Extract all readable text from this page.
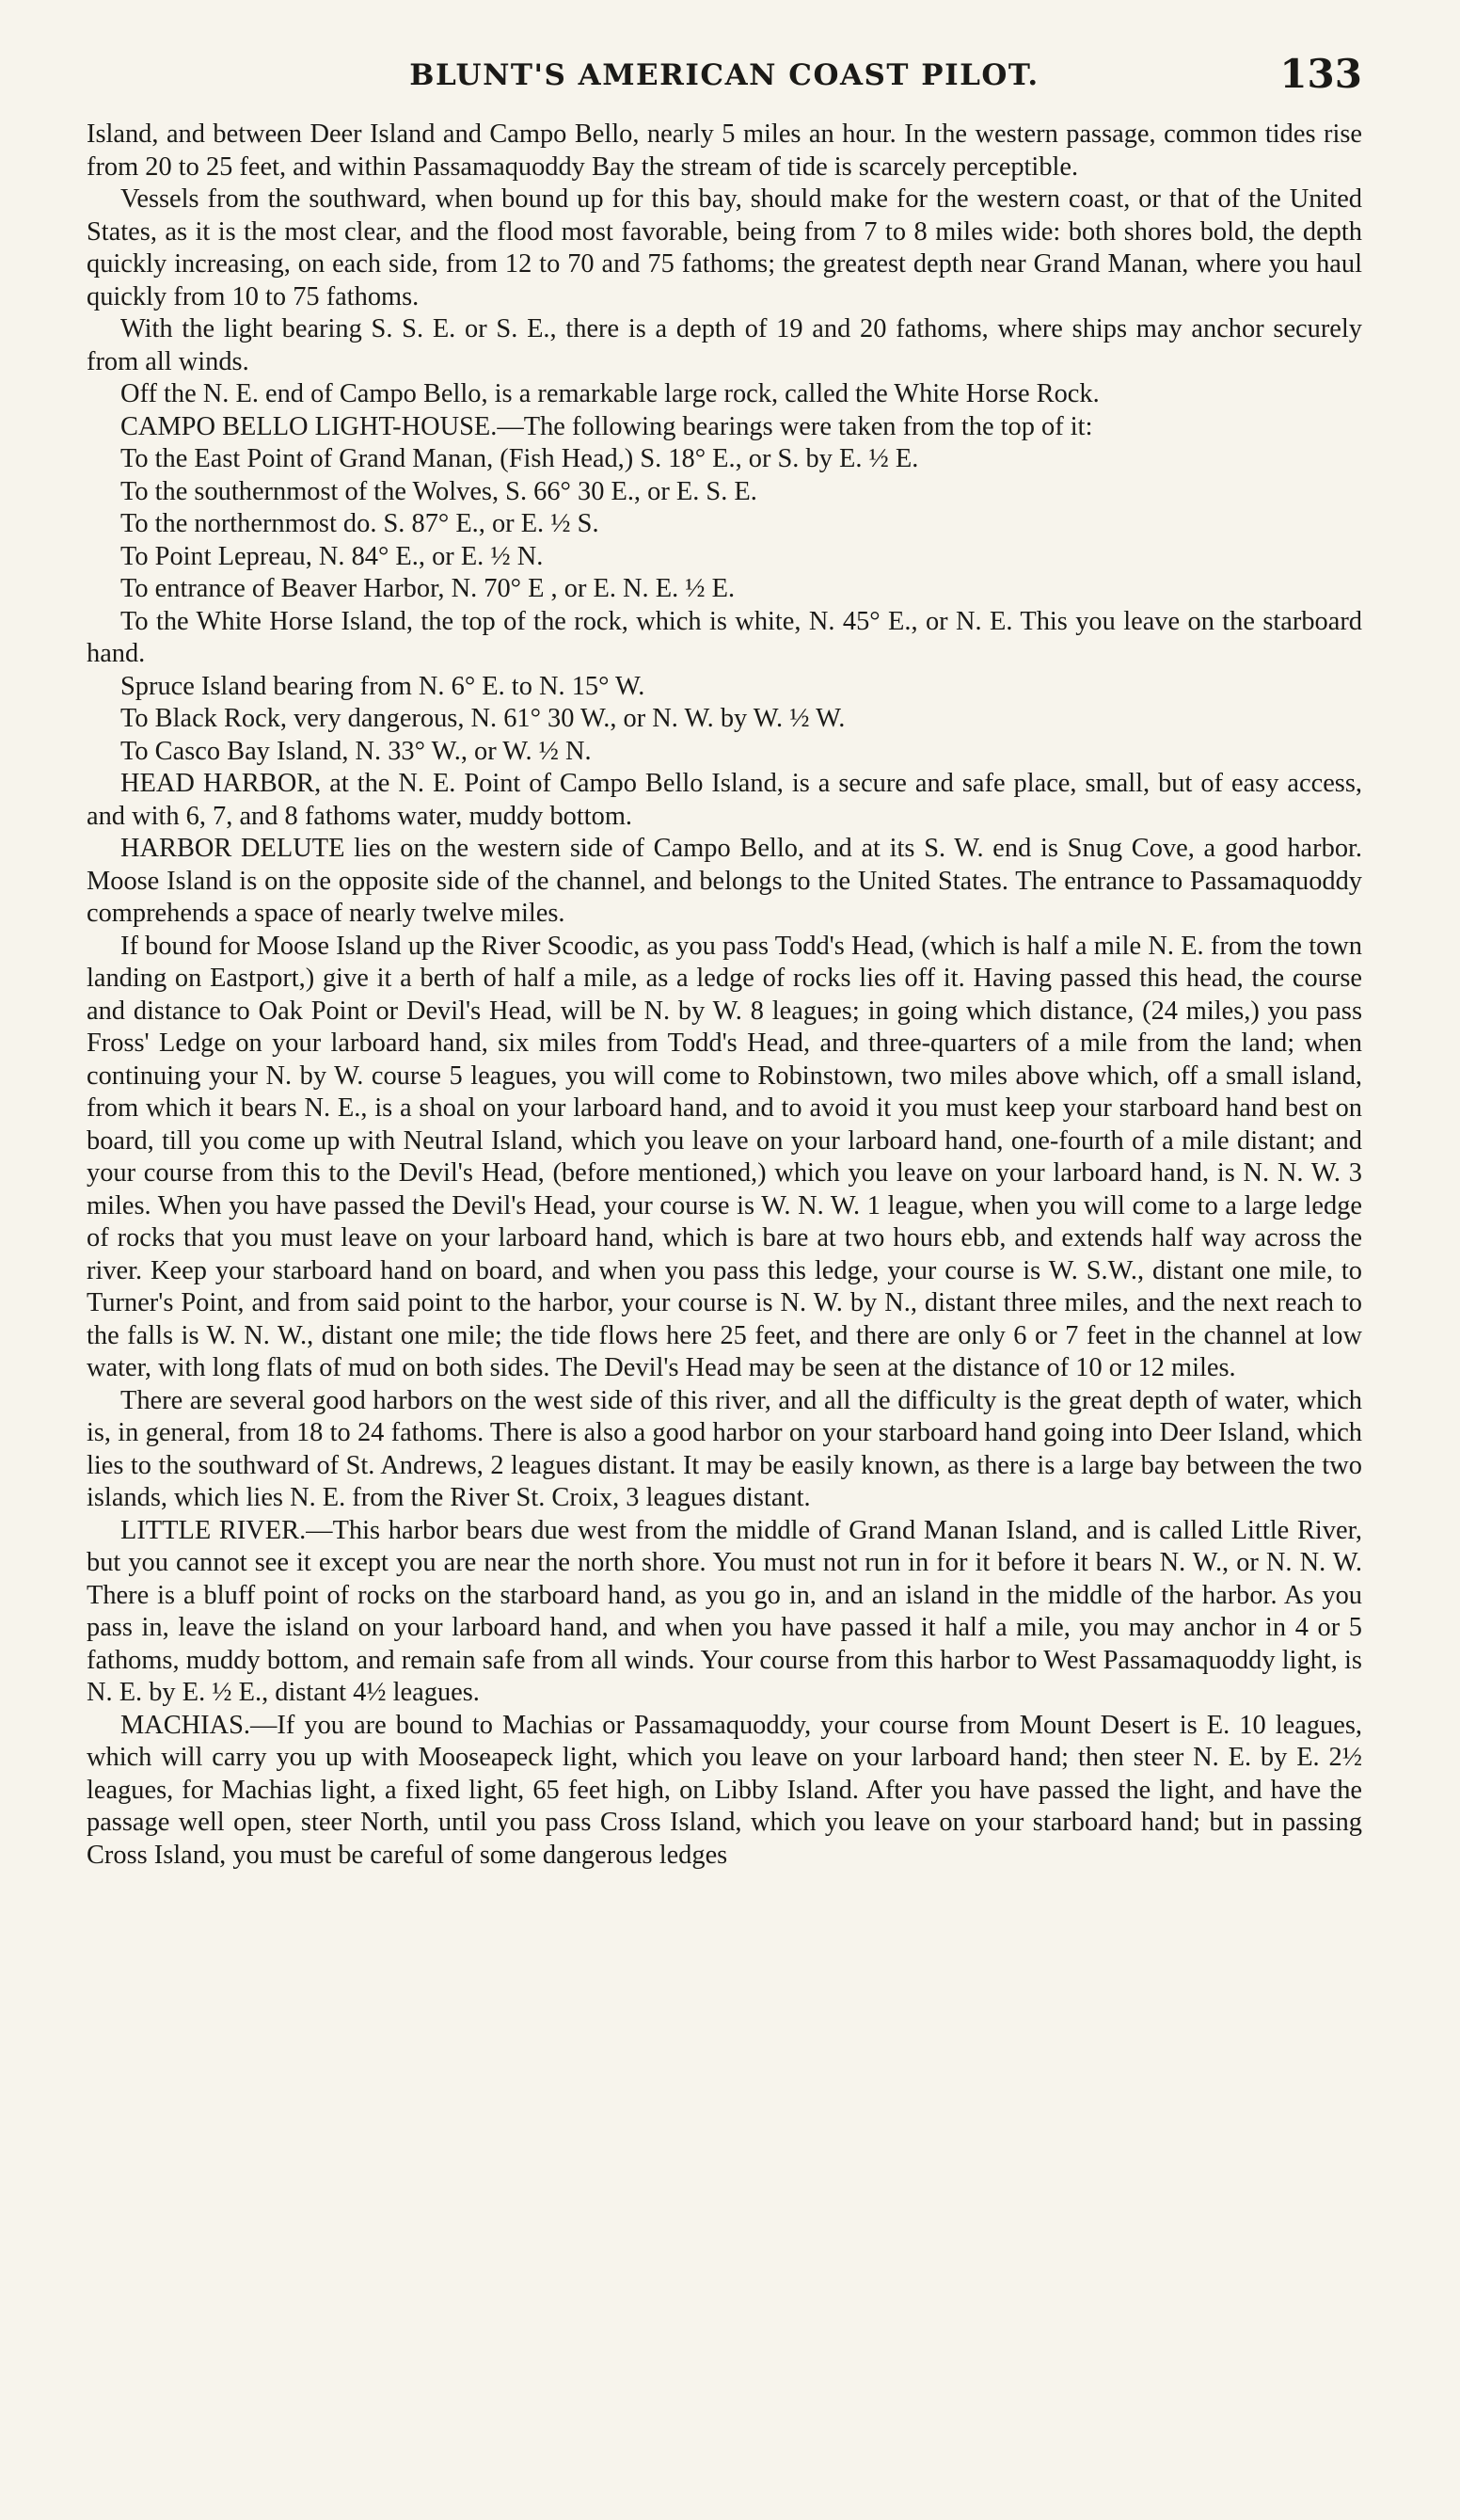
BLUNT'S AMERICAN COAST PILOT.	133

Island, and between Deer Island and Campo Bello, nearly 5 miles an hour. In the western passage, common tides rise from 20 to 25 feet, and within Passamaquoddy Bay the stream of tide is scarcely perceptible.

Vessels from the southward, when bound up for this bay, should make for the western coast, or that of the United States, as it is the most clear, and the flood most favorable, being from 7 to 8 miles wide: both shores bold, the depth quickly increasing, on each side, from 12 to 70 and 75 fathoms; the greatest depth near Grand Manan, where you haul quickly from 10 to 75 fathoms.

With the light bearing S. S. E. or S. E., there is a depth of 19 and 20 fathoms, where ships may anchor securely from all winds.

Off the N. E. end of Campo Bello, is a remarkable large rock, called the White Horse Rock.

CAMPO BELLO LIGHT-HOUSE.—The following bearings were taken from the top of it:

To the East Point of Grand Manan, (Fish Head,) S. 18° E., or S. by E. ½ E.

To the southernmost of the Wolves, S. 66° 30 E., or E. S. E.

To the northernmost do. S. 87° E., or E. ½ S.

To Point Lepreau, N. 84° E., or E. ½ N.

To entrance of Beaver Harbor, N. 70° E , or E. N. E. ½ E.

To the White Horse Island, the top of the rock, which is white, N. 45° E., or N. E. This you leave on the starboard hand.

Spruce Island bearing from N. 6° E. to N. 15° W.

To Black Rock, very dangerous, N. 61° 30 W., or N. W. by W. ½ W.

To Casco Bay Island, N. 33° W., or W. ½ N.

HEAD HARBOR, at the N. E. Point of Campo Bello Island, is a secure and safe place, small, but of easy access, and with 6, 7, and 8 fathoms water, muddy bottom.

HARBOR DELUTE lies on the western side of Campo Bello, and at its S. W. end is Snug Cove, a good harbor. Moose Island is on the opposite side of the channel, and belongs to the United States. The entrance to Passamaquoddy comprehends a space of nearly twelve miles.

If bound for Moose Island up the River Scoodic, as you pass Todd's Head, (which is half a mile N. E. from the town landing on Eastport,) give it a berth of half a mile, as a ledge of rocks lies off it. Having passed this head, the course and distance to Oak Point or Devil's Head, will be N. by W. 8 leagues; in going which distance, (24 miles,) you pass Fross' Ledge on your larboard hand, six miles from Todd's Head, and three-quarters of a mile from the land; when continuing your N. by W. course 5 leagues, you will come to Robinstown, two miles above which, off a small island, from which it bears N. E., is a shoal on your larboard hand, and to avoid it you must keep your starboard hand best on board, till you come up with Neutral Island, which you leave on your larboard hand, one-fourth of a mile distant; and your course from this to the Devil's Head, (before mentioned,) which you leave on your larboard hand, is N. N. W. 3 miles. When you have passed the Devil's Head, your course is W. N. W. 1 league, when you will come to a large ledge of rocks that you must leave on your larboard hand, which is bare at two hours ebb, and extends half way across the river. Keep your starboard hand on board, and when you pass this ledge, your course is W. S.W., distant one mile, to Turner's Point, and from said point to the harbor, your course is N. W. by N., distant three miles, and the next reach to the falls is W. N. W., distant one mile; the tide flows here 25 feet, and there are only 6 or 7 feet in the channel at low water, with long flats of mud on both sides. The Devil's Head may be seen at the distance of 10 or 12 miles.

There are several good harbors on the west side of this river, and all the difficulty is the great depth of water, which is, in general, from 18 to 24 fathoms. There is also a good harbor on your starboard hand going into Deer Island, which lies to the southward of St. Andrews, 2 leagues distant. It may be easily known, as there is a large bay between the two islands, which lies N. E. from the River St. Croix, 3 leagues distant.

LITTLE RIVER.—This harbor bears due west from the middle of Grand Manan Island, and is called Little River, but you cannot see it except you are near the north shore. You must not run in for it before it bears N. W., or N. N. W. There is a bluff point of rocks on the starboard hand, as you go in, and an island in the middle of the harbor. As you pass in, leave the island on your larboard hand, and when you have passed it half a mile, you may anchor in 4 or 5 fathoms, muddy bottom, and remain safe from all winds. Your course from this harbor to West Passamaquoddy light, is N. E. by E. ½ E., distant 4½ leagues.

MACHIAS.—If you are bound to Machias or Passamaquoddy, your course from Mount Desert is E. 10 leagues, which will carry you up with Mooseapeck light, which you leave on your larboard hand; then steer N. E. by E. 2½ leagues, for Machias light, a fixed light, 65 feet high, on Libby Island. After you have passed the light, and have the passage well open, steer North, until you pass Cross Island, which you leave on your starboard hand; but in passing Cross Island, you must be careful of some dangerous ledges
